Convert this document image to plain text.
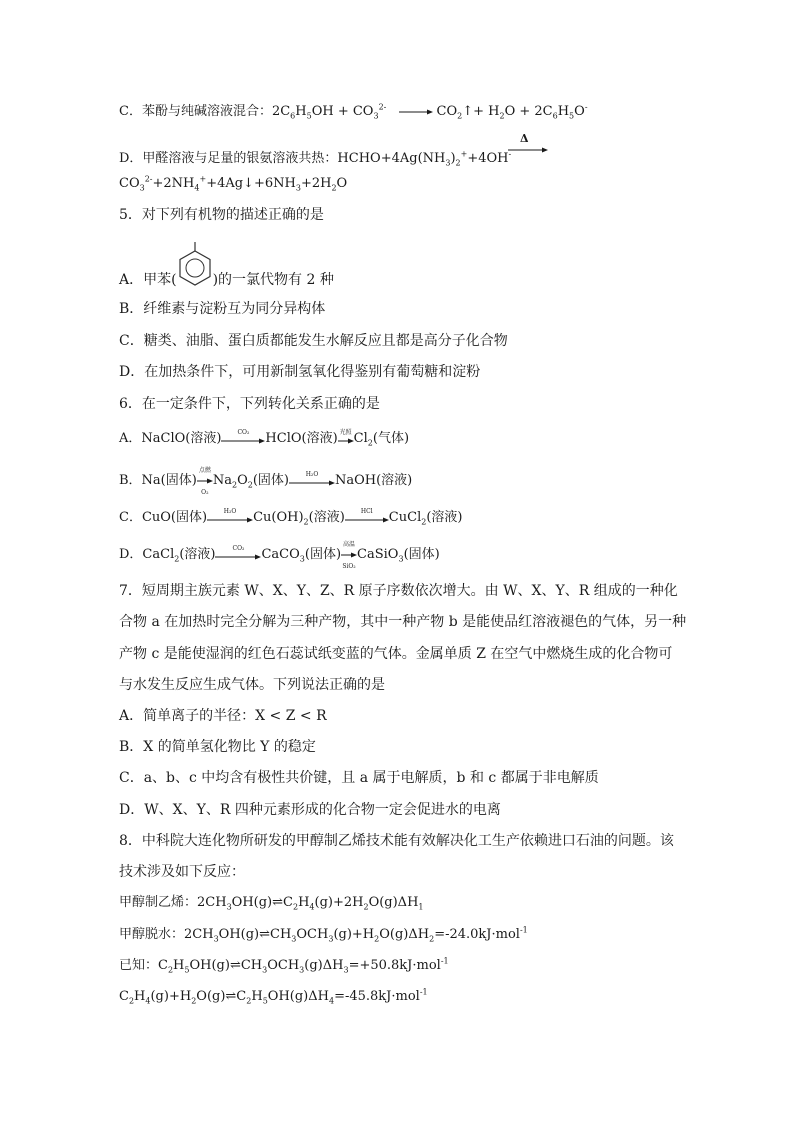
C．苯酚与纯碱溶液混合：$2C_6H_5OH + CO_3^{2-}$ → $CO_2↑+ H_2O + 2C_6H_5O^-$
D．甲醛溶液与足量的银氨溶液共热：$HCHO+4Ag(NH_3)_2^++4OH^-$
Δ
$CO_3^{2-}+2NH_4^++4Ag↓+6NH_3+2H_2O$
5．对下列有机物的描述正确的是
A．甲苯(	)的一氯代物有 2 种
B．纤维素与淀粉互为同分异构体
C．糖类、油脂、蛋白质都能发生水解反应且都是高分子化合物
D．在加热条件下，可用新制氢氧化得鉴别有葡萄糖和淀粉
6．在一定条件下，下列转化关系正确的是
A．NaClO(溶液)	CO₂	HClO(溶液) 光照 $Cl_2$(气体)
B．Na(固体)
点燃
O₂
$Na_2O_2$(固体)	H₂O	NaOH(溶液)
C．CuO(固体)	H₂O	$Cu(OH)_2$(溶液)	HCl	CuCl$_2$(溶液)
D．CaCl$_2$(溶液)	CO₂	CaCO$_3$(固体)
高温
SiO₂
CaSiO$_3$(固体)
7．短周期主族元素 W、X、Y、Z、R 原子序数依次增大。由 W、X、Y、R 组成的一种化
合物 a 在加热时完全分解为三种产物，其中一种产物 b 是能使品红溶液褪色的气体，另一种
产物 c 是能使湿润的红色石蕊试纸变蓝的气体。金属单质 Z 在空气中燃烧生成的化合物可
与水发生反应生成气体。下列说法正确的是
A．简单离子的半径：X < Z < R
B．X 的简单氢化物比 Y 的稳定
C．a、b、c 中均含有极性共价键，且 a 属于电解质，b 和 c 都属于非电解质
D．W、X、Y、R 四种元素形成的化合物一定会促进水的电离
8．中科院大连化物所研发的甲醇制乙烯技术能有效解决化工生产依赖进口石油的问题。该
技术涉及如下反应：
甲醇制乙烯：$2CH_3OH(g)\rightleftharpoons C_2H_4(g)+2H_2O(g)\Delta H_1$
甲醇脱水：$2CH_3OH(g)\rightleftharpoons CH_3OCH_3(g)+H_2O(g)\Delta H_2=-24.0kJ\cdot mol^{-1}$
已知：$C_2H_5OH(g)\rightleftharpoons CH_3OCH_3(g)\Delta H_3=+50.8kJ\cdot mol^{-1}$
$C_2H_4(g)+H_2O(g)\rightleftharpoons C_2H_5OH(g)\Delta H_4=-45.8kJ\cdot mol^{-1}$
